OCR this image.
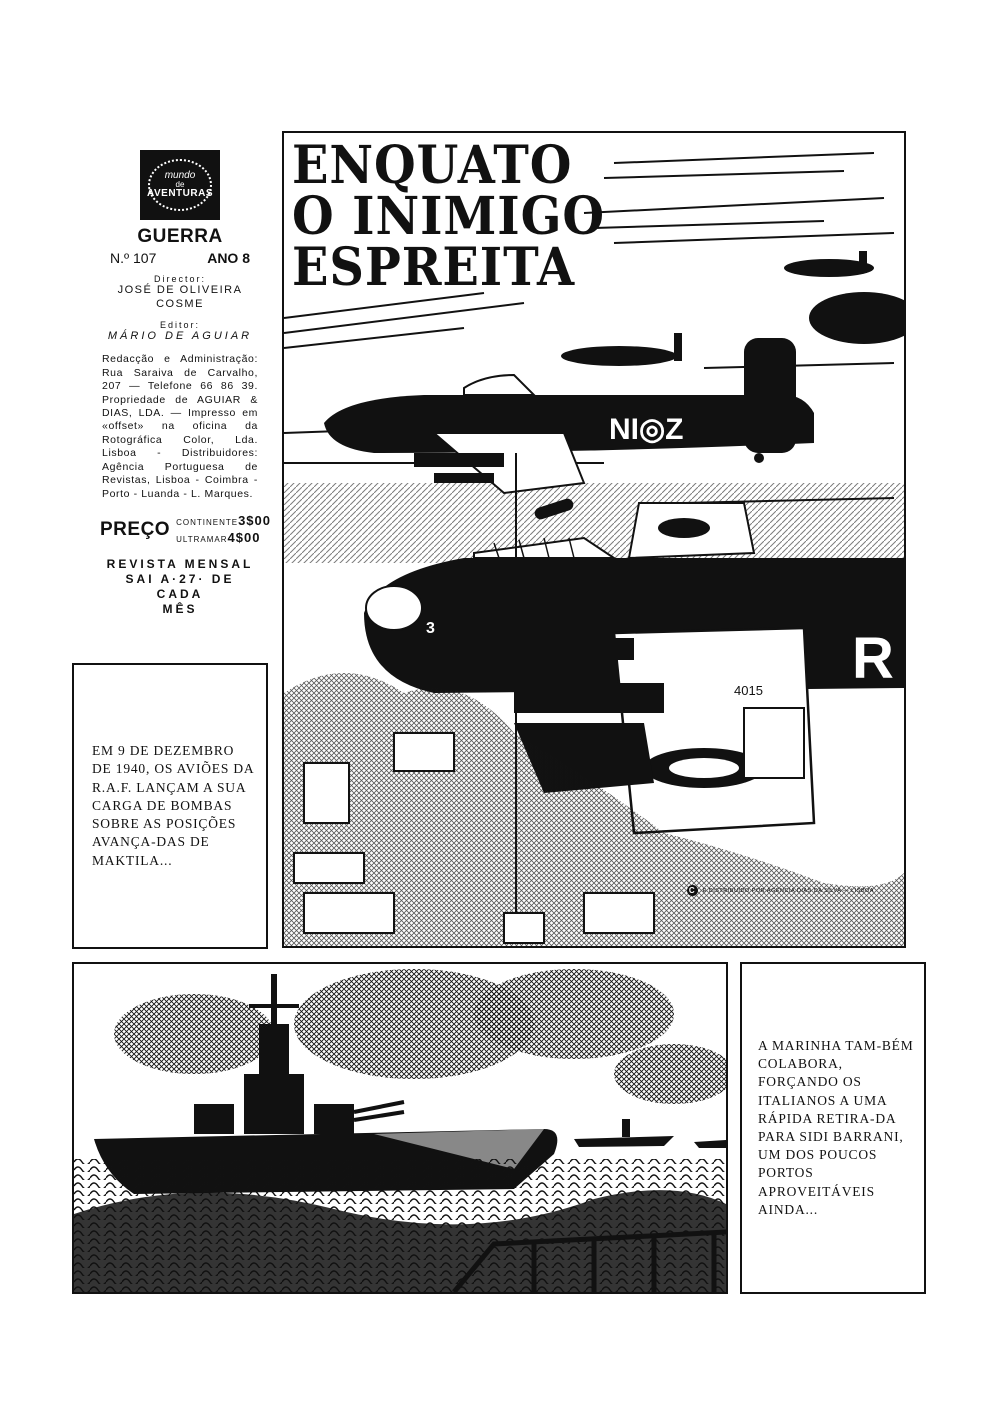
mundo
de
AVENTURAS
GUERRA
N.º 107	ANO 8
Director:
JOSÉ DE OLIVEIRA
COSME
Editor:
MÁRIO DE AGUIAR
Redacção e Administração: Rua Saraiva de Carvalho, 207 — Telefone 66 86 39. Propriedade de AGUIAR & DIAS, LDA. — Impresso em «offset» na oficina da Rotográfica Color, Lda. Lisboa - Distribuidores: Agência Portuguesa de Revistas, Lisboa - Coimbra - Porto - Luanda - L. Marques.
PREÇO CONTINENTE3$00
ULTRAMAR4$00
REVISTA MENSAL
SAI A·27· DE CADA
MÊS
EM 9 DE DEZEMBRO DE 1940, OS AVIÕES DA R.A.F. LANÇAM A SUA CARGA DE BOMBAS SOBRE AS POSIÇÕES AVANÇA-DAS DE MAKTILA...
NI◎Z
3	R
4015
ENQUATO
O INIMIGO
ESPREITA
C	E DISTRIBUÍDO POR AGÊNCIA DIAS DA SILVA — LISBOA
A MARINHA TAM-BÉM COLABORA, FORÇANDO OS ITALIANOS A UMA RÁPIDA RETIRA-DA PARA SIDI BARRANI, UM DOS POUCOS PORTOS APROVEITÁVEIS AINDA...
